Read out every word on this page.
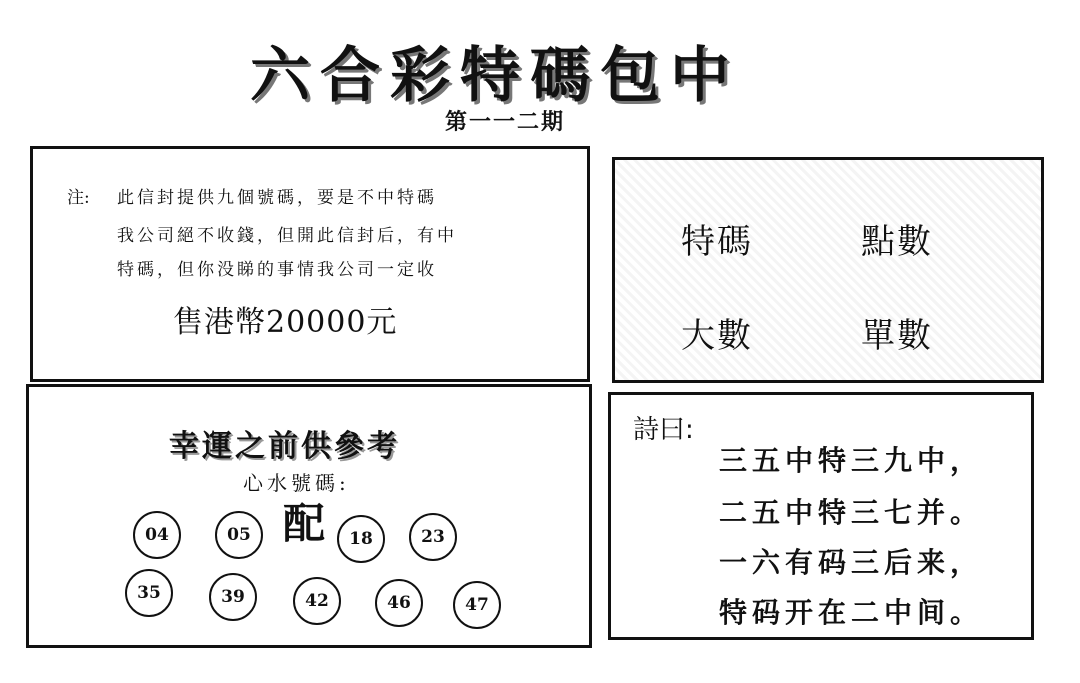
六合彩特碼包中
第一一二期
注: 此信封提供九個號碼，要是不中特碼
我公司絕不收錢，但開此信封后，有中
特碼，但你没睇的事情我公司一定收
售港幣20000元
特碼	點數
大數	單數
幸運之前供參考
心水號碼:
配
04	05	18	23
35	39	42	46	47
詩曰:
三五中特三九中，
二五中特三七并。
一六有码三后来，
特码开在二中间。
